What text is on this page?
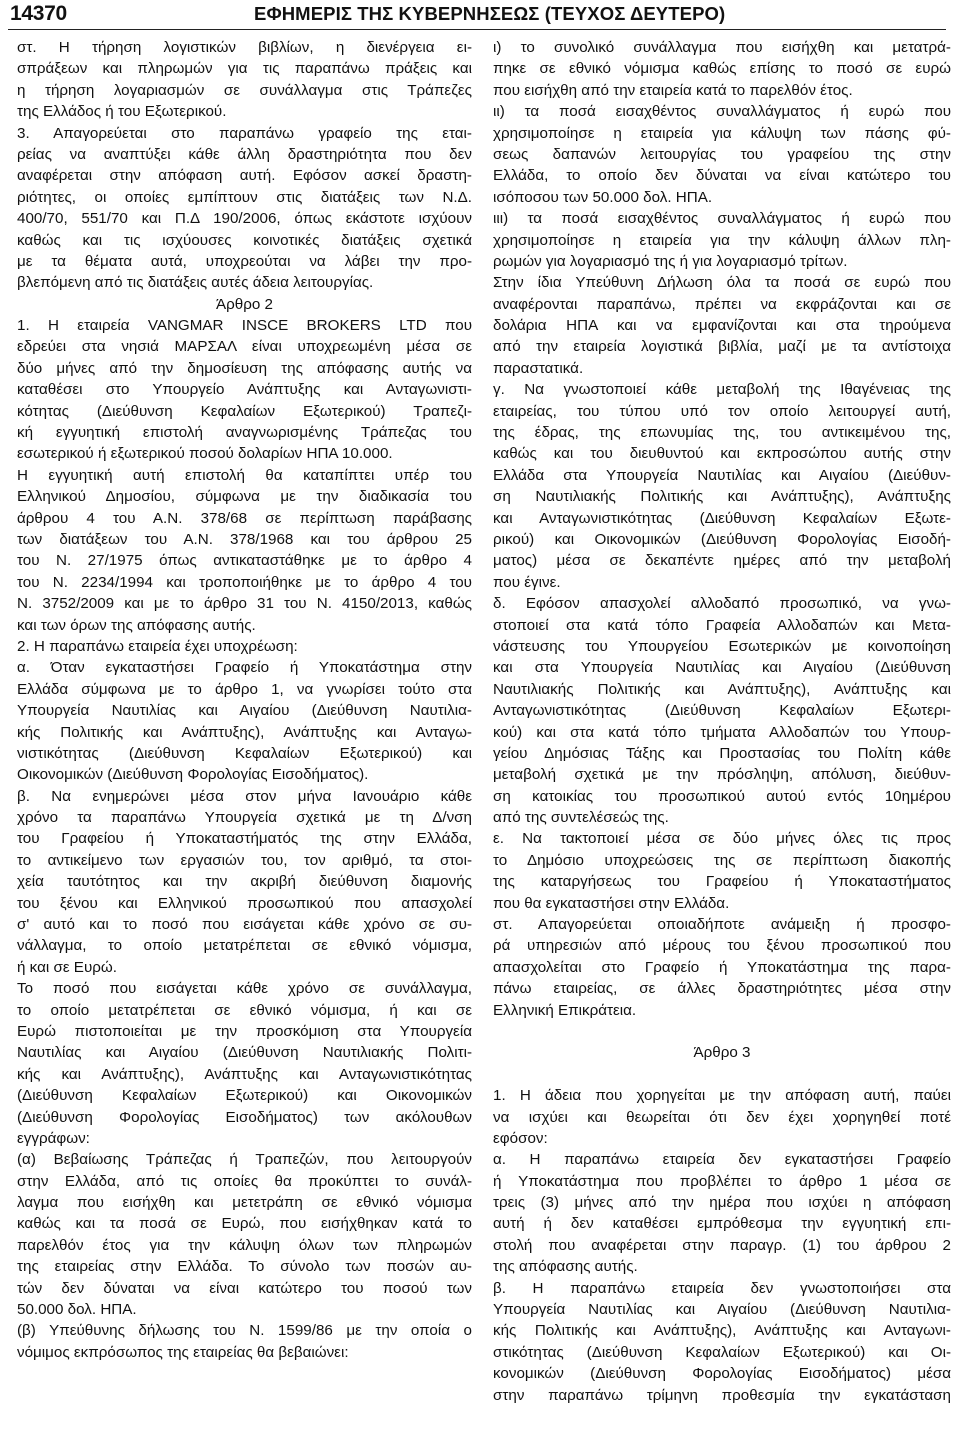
14370	ΕΦΗΜΕΡΙΣ ΤΗΣ ΚΥΒΕΡΝΗΣΕΩΣ (ΤΕΥΧΟΣ ΔΕΥΤΕΡΟ)
στ. Η τήρηση λογιστικών βιβλίων, η διενέργεια ει-
σπράξεων και πληρωμών για τις παραπάνω πράξεις και
η τήρηση λογαριασμών σε συνάλλαγμα στις Τράπεζες
της Ελλάδος ή του Εξωτερικού.
3. Απαγορεύεται στο παραπάνω γραφείο της εται-
ρείας να αναπτύξει κάθε άλλη δραστηριότητα που δεν
αναφέρεται στην απόφαση αυτή. Εφόσον ασκεί δραστη-
ριότητες, οι οποίες εμπίπτουν στις διατάξεις των Ν.Δ.
400/70, 551/70 και Π.Δ 190/2006, όπως εκάστοτε ισχύουν
καθώς και τις ισχύουσες κοινοτικές διατάξεις σχετικά
με τα θέματα αυτά, υποχρεούται να λάβει την προ-
βλεπόμενη από τις διατάξεις αυτές άδεια λειτουργίας.
Άρθρο 2
1. Η εταιρεία VANGMAR INSCE BROKERS LTD που
εδρεύει στα νησιά ΜΑΡΣΑΛ είναι υποχρεωμένη μέσα σε
δύο μήνες από την δημοσίευση της απόφασης αυτής να
καταθέσει στο Υπουργείο Ανάπτυξης και Ανταγωνιστι-
κότητας (Διεύθυνση Κεφαλαίων Εξωτερικού) Τραπεζι-
κή εγγυητική επιστολή αναγνωρισμένης Τράπεζας του
εσωτερικού ή εξωτερικού ποσού δολαρίων ΗΠΑ 10.000.
Η εγγυητική αυτή επιστολή θα καταπίπτει υπέρ του
Ελληνικού Δημοσίου, σύμφωνα με την διαδικασία του
άρθρου 4 του Α.Ν. 378/68 σε περίπτωση παράβασης
των διατάξεων του Α.Ν. 378/1968 και του άρθρου 25
του Ν. 27/1975 όπως αντικαταστάθηκε με το άρθρο 4
του Ν. 2234/1994 και τροποποιήθηκε με το άρθρο 4 του
Ν. 3752/2009 και με το άρθρο 31 του Ν. 4150/2013, καθώς
και των όρων της απόφασης αυτής.
2. Η παραπάνω εταιρεία έχει υποχρέωση:
α. Όταν εγκαταστήσει Γραφείο ή Υποκατάστημα στην
Ελλάδα σύμφωνα με το άρθρο 1, να γνωρίσει τούτο στα
Υπουργεία Ναυτιλίας και Αιγαίου (Διεύθυνση Ναυτιλια-
κής Πολιτικής και Ανάπτυξης), Ανάπτυξης και Ανταγω-
νιστικότητας (Διεύθυνση Κεφαλαίων Εξωτερικού) και
Οικονομικών (Διεύθυνση Φορολογίας Εισοδήματος).
β. Να ενημερώνει μέσα στον μήνα Ιανουάριο κάθε
χρόνο τα παραπάνω Υπουργεία σχετικά με τη Δ/νση
του Γραφείου ή Υποκαταστήματός της στην Ελλάδα,
το αντικείμενο των εργασιών του, τον αριθμό, τα στοι-
χεία ταυτότητος και την ακριβή διεύθυνση διαμονής
του ξένου και Ελληνικού προσωπικού που απασχολεί
σ' αυτό και το ποσό που εισάγεται κάθε χρόνο σε συ-
νάλλαγμα, το οποίο μετατρέπεται σε εθνικό νόμισμα,
ή και σε Ευρώ.
Το ποσό που εισάγεται κάθε χρόνο σε συνάλλαγμα,
το οποίο μετατρέπεται σε εθνικό νόμισμα, ή και σε
Ευρώ πιστοποιείται με την προσκόμιση στα Υπουργεία
Ναυτιλίας και Αιγαίου (Διεύθυνση Ναυτιλιακής Πολιτι-
κής και Ανάπτυξης), Ανάπτυξης και Ανταγωνιστικότητας
(Διεύθυνση Κεφαλαίων Εξωτερικού) και Οικονομικών
(Διεύθυνση Φορολογίας Εισοδήματος) των ακόλουθων
εγγράφων:
(α) Βεβαίωσης Τράπεζας ή Τραπεζών, που λειτουργούν
στην Ελλάδα, από τις οποίες θα προκύπτει το συνάλ-
λαγμα που εισήχθη και μετετράπη σε εθνικό νόμισμα
καθώς και τα ποσά σε Ευρώ, που εισήχθηκαν κατά το
παρελθόν έτος για την κάλυψη όλων των πληρωμών
της εταιρείας στην Ελλάδα. Το σύνολο των ποσών αυ-
τών δεν δύναται να είναι κατώτερο του ποσού των
50.000 δολ. ΗΠΑ.
(β) Υπεύθυνης δήλωσης του Ν. 1599/86 με την οποία ο
νόμιμος εκπρόσωπος της εταιρείας θα βεβαιώνει:
ι) το συνολικό συνάλλαγμα που εισήχθη και μετατρά-
πηκε σε εθνικό νόμισμα καθώς επίσης το ποσό σε ευρώ
που εισήχθη από την εταιρεία κατά το παρελθόν έτος.
ιι) τα ποσά εισαχθέντος συναλλάγματος ή ευρώ που
χρησιμοποίησε η εταιρεία για κάλυψη των πάσης φύ-
σεως δαπανών λειτουργίας του γραφείου της στην
Ελλάδα, το οποίο δεν δύναται να είναι κατώτερο του
ισόποσου των 50.000 δολ. ΗΠΑ.
ιιι) τα ποσά εισαχθέντος συναλλάγματος ή ευρώ που
χρησιμοποίησε η εταιρεία για την κάλυψη άλλων πλη-
ρωμών για λογαριασμό της ή για λογαριασμό τρίτων.
Στην ίδια Υπεύθυνη Δήλωση όλα τα ποσά σε ευρώ που
αναφέρονται παραπάνω, πρέπει να εκφράζονται και σε
δολάρια ΗΠΑ και να εμφανίζονται και στα τηρούμενα
από την εταιρεία λογιστικά βιβλία, μαζί με τα αντίστοιχα
παραστατικά.
γ. Να γνωστοποιεί κάθε μεταβολή της Ιθαγένειας της
εταιρείας, του τύπου υπό τον οποίο λειτουργεί αυτή,
της έδρας, της επωνυμίας της, του αντικειμένου της,
καθώς και του διευθυντού και εκπροσώπου αυτής στην
Ελλάδα στα Υπουργεία Ναυτιλίας και Αιγαίου (Διεύθυν-
ση Ναυτιλιακής Πολιτικής και Ανάπτυξης), Ανάπτυξης
και Ανταγωνιστικότητας (Διεύθυνση Κεφαλαίων Εξωτε-
ρικού) και Οικονομικών (Διεύθυνση Φορολογίας Εισοδή-
ματος) μέσα σε δεκαπέντε ημέρες από την μεταβολή
που έγινε.
δ. Εφόσον απασχολεί αλλοδαπό προσωπικό, να γνω-
στοποιεί στα κατά τόπο Γραφεία Αλλοδαπών και Μετα-
νάστευσης του Υπουργείου Εσωτερικών με κοινοποίηση
και στα Υπουργεία Ναυτιλίας και Αιγαίου (Διεύθυνση
Ναυτιλιακής Πολιτικής και Ανάπτυξης), Ανάπτυξης και
Ανταγωνιστικότητας (Διεύθυνση Κεφαλαίων Εξωτερι-
κού) και στα κατά τόπο τμήματα Αλλοδαπών του Υπουρ-
γείου Δημόσιας Τάξης και Προστασίας του Πολίτη κάθε
μεταβολή σχετικά με την πρόσληψη, απόλυση, διεύθυν-
ση κατοικίας του προσωπικού αυτού εντός 10ημέρου
από της συντελέσεώς της.
ε. Να τακτοποιεί μέσα σε δύο μήνες όλες τις προς
το Δημόσιο υποχρεώσεις της σε περίπτωση διακοπής
της καταργήσεως του Γραφείου ή Υποκαταστήματος
που θα εγκαταστήσει στην Ελλάδα.
στ. Απαγορεύεται οποιαδήποτε ανάμειξη ή προσφο-
ρά υπηρεσιών από μέρους του ξένου προσωπικού που
απασχολείται στο Γραφείο ή Υποκατάστημα της παρα-
πάνω εταιρείας, σε άλλες δραστηριότητες μέσα στην
Ελληνική Επικράτεια.
Άρθρο 3
1. Η άδεια που χορηγείται με την απόφαση αυτή, παύει
να ισχύει και θεωρείται ότι δεν έχει χορηγηθεί ποτέ
εφόσον:
α. Η παραπάνω εταιρεία δεν εγκαταστήσει Γραφείο
ή Υποκατάστημα που προβλέπει το άρθρο 1 μέσα σε
τρεις (3) μήνες από την ημέρα που ισχύει η απόφαση
αυτή ή δεν καταθέσει εμπρόθεσμα την εγγυητική επι-
στολή που αναφέρεται στην παραγρ. (1) του άρθρου 2
της απόφασης αυτής.
β. Η παραπάνω εταιρεία δεν γνωστοποιήσει στα
Υπουργεία Ναυτιλίας και Αιγαίου (Διεύθυνση Ναυτιλια-
κής Πολιτικής και Ανάπτυξης), Ανάπτυξης και Ανταγωνι-
στικότητας (Διεύθυνση Κεφαλαίων Εξωτερικού) και Οι-
κονομικών (Διεύθυνση Φορολογίας Εισοδήματος) μέσα
στην παραπάνω τρίμηνη προθεσμία την εγκατάσταση
